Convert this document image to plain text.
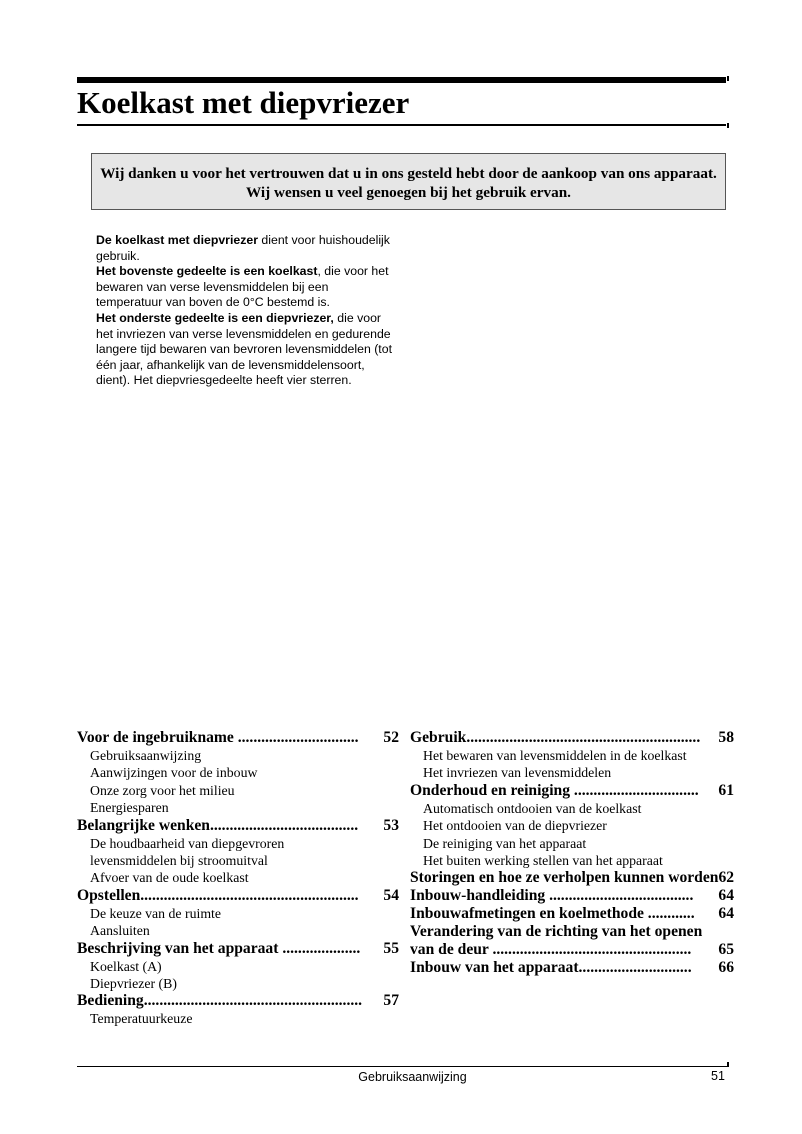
Koelkast met diepvriezer

Wij danken u voor het vertrouwen dat u in ons gesteld hebt door de aankoop van ons apparaat. Wij wensen u veel genoegen bij het gebruik ervan.

De koelkast met diepvriezer dient voor huishoudelijk gebruik.

Het bovenste gedeelte is een koelkast, die voor het bewaren van verse levensmiddelen bij een temperatuur van boven de 0°C bestemd is.

Het onderste gedeelte is een diepvriezer, die voor het invriezen van verse levensmiddelen en gedurende langere tijd bewaren van bevroren levensmiddelen (tot één jaar, afhankelijk van de levensmiddelensoort, dient). Het diepvriesgedeelte heeft vier sterren.

Voor de ingebruikname ............................... 52
Gebruiksaanwijzing
Aanwijzingen voor de inbouw
Onze zorg voor het milieu
Energiesparen
Belangrijke wenken...................................... 53
De houdbaarheid van diepgevroren
levensmiddelen bij stroomuitval
Afvoer van de oude koelkast
Opstellen........................................................ 54
De keuze van de ruimte
Aansluiten
Beschrijving van het apparaat .................... 55
Koelkast (A)
Diepvriezer (B)
Bediening........................................................ 57
Temperatuurkeuze
Gebruik............................................................ 58
Het bewaren van levensmiddelen in de koelkast
Het invriezen van levensmiddelen
Onderhoud en reiniging ................................ 61
Automatisch ontdooien van de koelkast
Het ontdooien van de diepvriezer
De reiniging van het apparaat
Het buiten werking stellen van het apparaat
Storingen en hoe ze verholpen kunnen worden 62
Inbouw-handleiding ..................................... 64
Inbouwafmetingen en koelmethode ............ 64
Verandering van de richting van het openen
van de deur ................................................... 65
Inbouw van het apparaat............................. 66
Gebruiksaanwijzing	51
